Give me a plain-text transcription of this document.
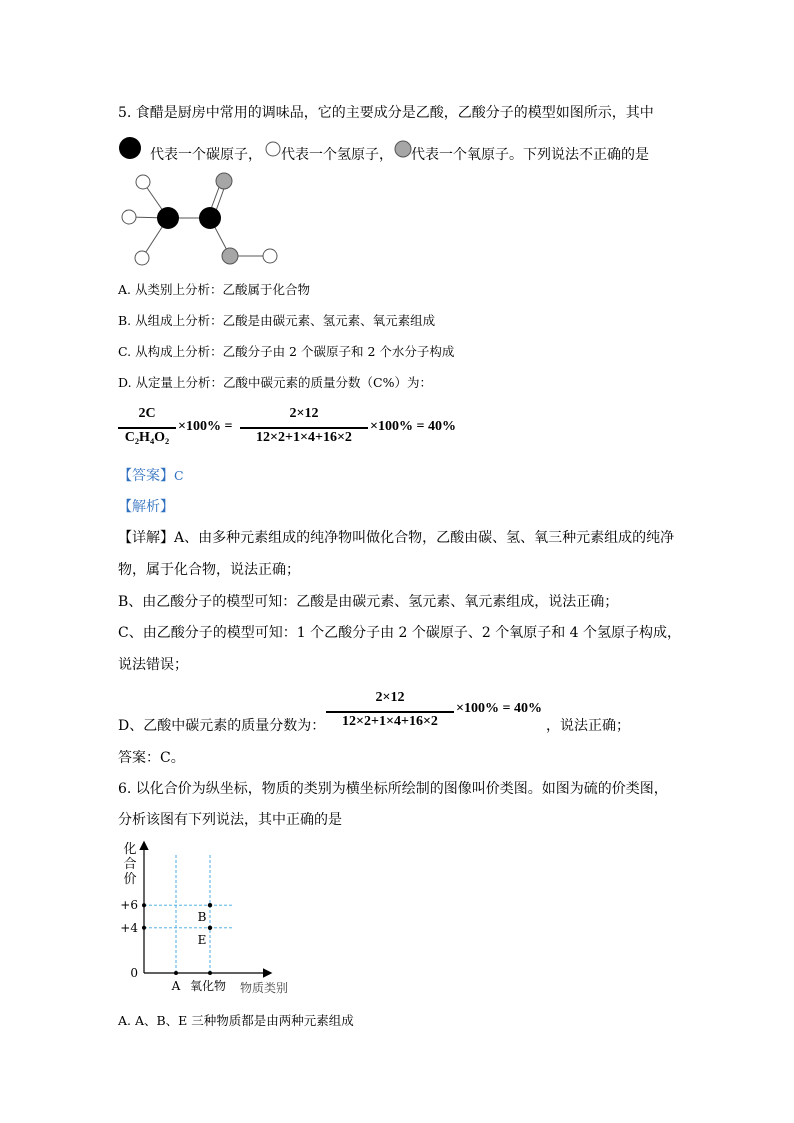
5. 食醋是厨房中常用的调味品，它的主要成分是乙酸，乙酸分子的模型如图所示，其中
代表一个碳原子， 代表一个氢原子， 代表一个氧原子。下列说法不正确的是
A. 从类别上分析：乙酸属于化合物
B. 从组成上分析：乙酸是由碳元素、氢元素、氧元素组成
C. 从构成上分析：乙酸分子由 2 个碳原子和 2 个水分子构成
D. 从定量上分析：乙酸中碳元素的质量分数（C%）为：
2C
C₂H₄O₂
×100% =
2×12
12×2+1×4+16×2
×100% = 40%
【答案】C
【解析】
【详解】A、由多种元素组成的纯净物叫做化合物，乙酸由碳、氢、氧三种元素组成的纯净
物，属于化合物，说法正确；
B、由乙酸分子的模型可知：乙酸是由碳元素、氢元素、氧元素组成，说法正确；
C、由乙酸分子的模型可知：1 个乙酸分子由 2 个碳原子、2 个氧原子和 4 个氢原子构成，
说法错误；
D、乙酸中碳元素的质量分数为：
2×12
12×2+1×4+16×2
×100% = 40%
，说法正确；
答案：C。
6. 以化合价为纵坐标，物质的类别为横坐标所绘制的图像叫价类图。如图为硫的价类图，
分析该图有下列说法，其中正确的是
化
合
价
+6
+4
0
A 氧化物
B
E
物质类别
A. A、B、E 三种物质都是由两种元素组成
